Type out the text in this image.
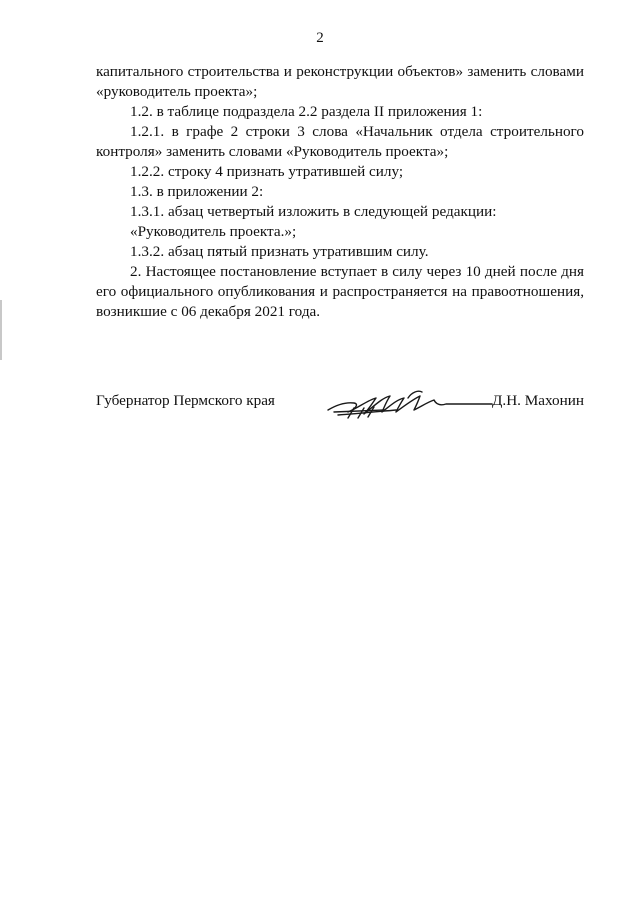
2

капитального строительства и реконструкции объектов» заменить словами «руководитель проекта»;

1.2. в таблице подраздела 2.2 раздела II приложения 1:

1.2.1. в графе 2 строки 3 слова «Начальник отдела строительного контроля» заменить словами «Руководитель проекта»;

1.2.2. строку 4 признать утратившей силу;

1.3. в приложении 2:

1.3.1. абзац четвертый изложить в следующей редакции:

«Руководитель проекта.»;

1.3.2. абзац пятый признать утратившим силу.

2. Настоящее постановление вступает в силу через 10 дней после дня его официального опубликования и распространяется на правоотношения, возникшие с 06 декабря 2021 года.

Губернатор Пермского края	Д.Н. Махонин
